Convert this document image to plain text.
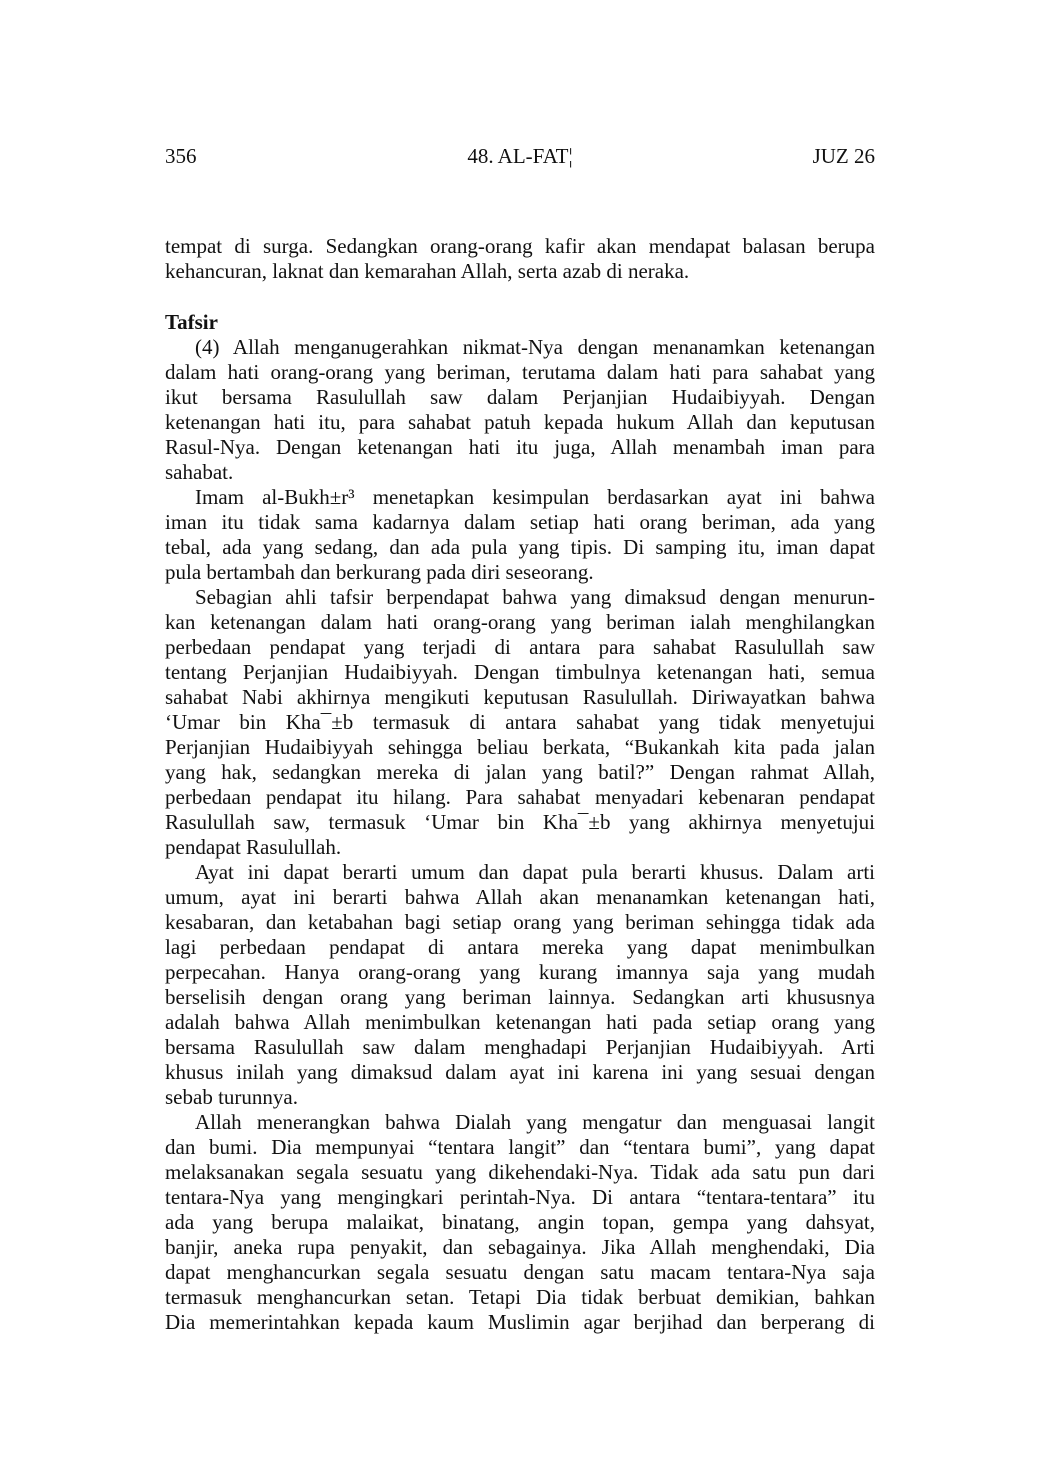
356	48. AL-FAT¦	JUZ 26
tempat di surga. Sedangkan orang-orang kafir akan mendapat balasan berupa
kehancuran, laknat dan kemarahan Allah, serta azab di neraka.
Tafsir
(4) Allah menganugerahkan nikmat-Nya dengan menanamkan ketenangan
dalam hati orang-orang yang beriman, terutama dalam hati para sahabat yang
ikut bersama Rasulullah saw dalam Perjanjian Hudaibiyyah. Dengan
ketenangan hati itu, para sahabat patuh kepada hukum Allah dan keputusan
Rasul-Nya. Dengan ketenangan hati itu juga, Allah menambah iman para
sahabat.
Imam al-Bukh±r³ menetapkan kesimpulan berdasarkan ayat ini bahwa
iman itu tidak sama kadarnya dalam setiap hati orang beriman, ada yang
tebal, ada yang sedang, dan ada pula yang tipis. Di samping itu, iman dapat
pula bertambah dan berkurang pada diri seseorang.
Sebagian ahli tafsir berpendapat bahwa yang dimaksud dengan menurun-
kan ketenangan dalam hati orang-orang yang beriman ialah menghilangkan
perbedaan pendapat yang terjadi di antara para sahabat Rasulullah saw
tentang Perjanjian Hudaibiyyah. Dengan timbulnya ketenangan hati, semua
sahabat Nabi akhirnya mengikuti keputusan Rasulullah. Diriwayatkan bahwa
‘Umar bin Kha¯±b termasuk di antara sahabat yang tidak menyetujui
Perjanjian Hudaibiyyah sehingga beliau berkata, “Bukankah kita pada jalan
yang hak, sedangkan mereka di jalan yang batil?” Dengan rahmat Allah,
perbedaan pendapat itu hilang. Para sahabat menyadari kebenaran pendapat
Rasulullah saw, termasuk ‘Umar bin Kha¯±b yang akhirnya menyetujui
pendapat Rasulullah.
Ayat ini dapat berarti umum dan dapat pula berarti khusus. Dalam arti
umum, ayat ini berarti bahwa Allah akan menanamkan ketenangan hati,
kesabaran, dan ketabahan bagi setiap orang yang beriman sehingga tidak ada
lagi perbedaan pendapat di antara mereka yang dapat menimbulkan
perpecahan. Hanya orang-orang yang kurang imannya saja yang mudah
berselisih dengan orang yang beriman lainnya. Sedangkan arti khususnya
adalah bahwa Allah menimbulkan ketenangan hati pada setiap orang yang
bersama Rasulullah saw dalam menghadapi Perjanjian Hudaibiyyah. Arti
khusus inilah yang dimaksud dalam ayat ini karena ini yang sesuai dengan
sebab turunnya.
Allah menerangkan bahwa Dialah yang mengatur dan menguasai langit
dan bumi. Dia mempunyai “tentara langit” dan “tentara bumi”, yang dapat
melaksanakan segala sesuatu yang dikehendaki-Nya. Tidak ada satu pun dari
tentara-Nya yang mengingkari perintah-Nya. Di antara “tentara-tentara” itu
ada yang berupa malaikat, binatang, angin topan, gempa yang dahsyat,
banjir, aneka rupa penyakit, dan sebagainya. Jika Allah menghendaki, Dia
dapat menghancurkan segala sesuatu dengan satu macam tentara-Nya saja
termasuk menghancurkan setan. Tetapi Dia tidak berbuat demikian, bahkan
Dia memerintahkan kepada kaum Muslimin agar berjihad dan berperang di
